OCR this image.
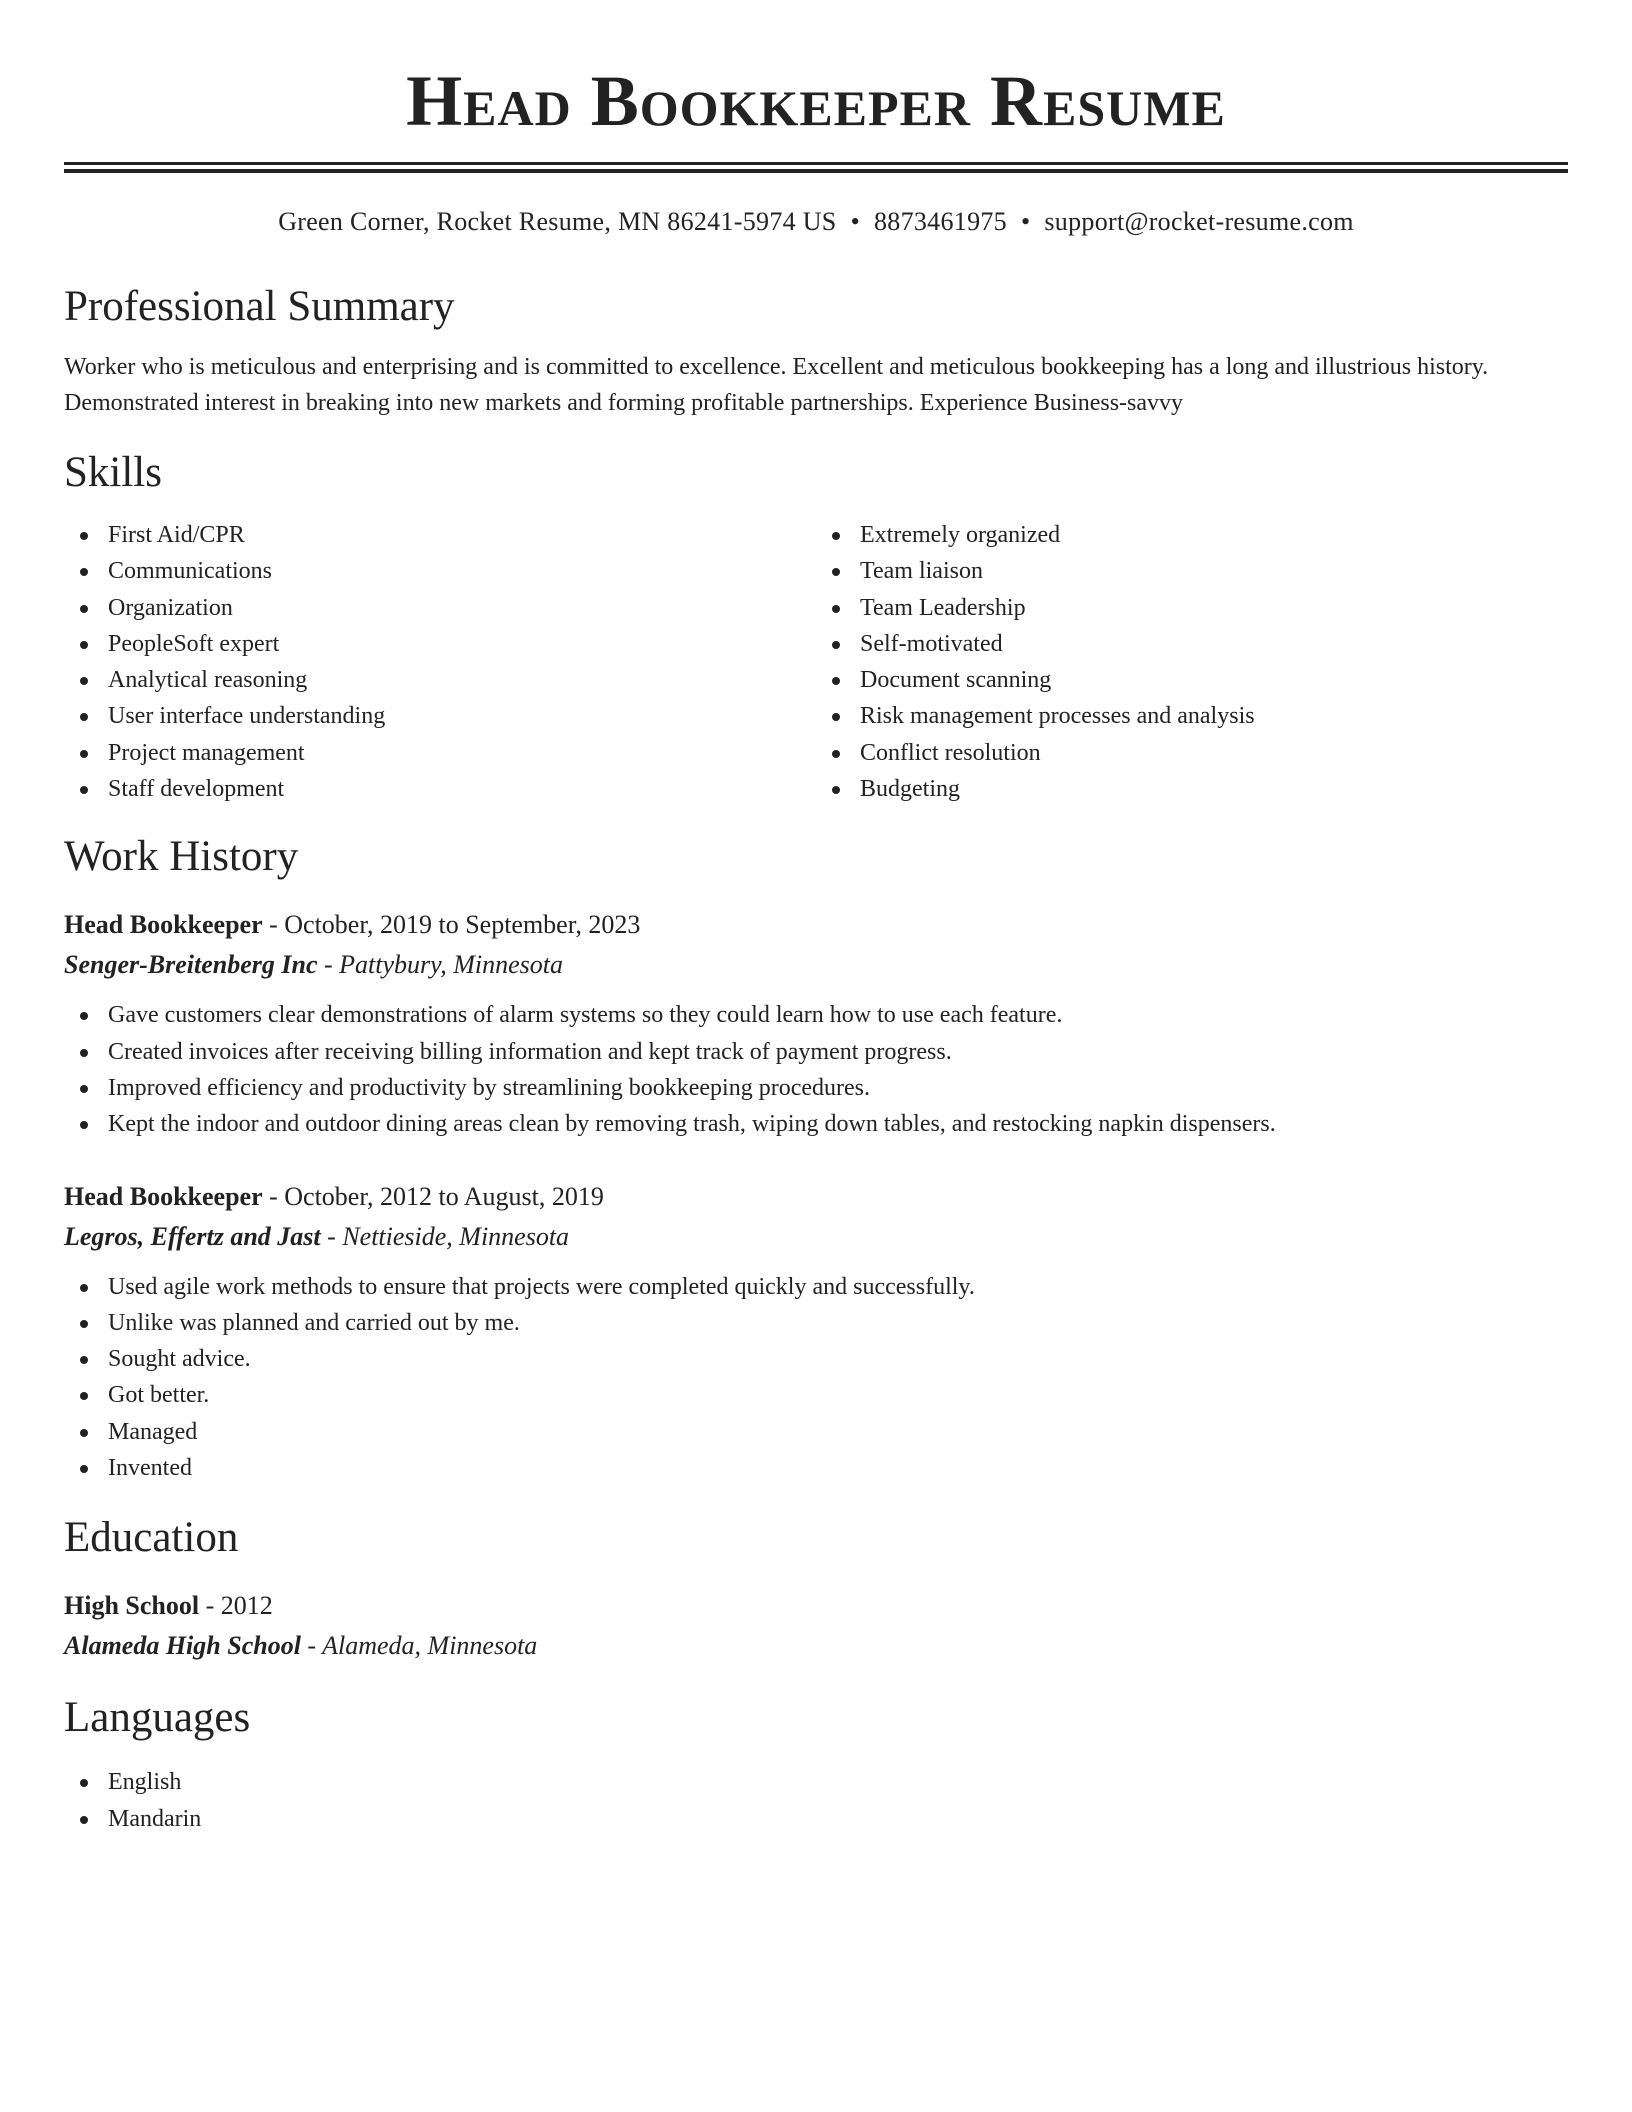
Head Bookkeeper Resume
Green Corner, Rocket Resume, MN 86241-5974 US • 8873461975 • support@rocket-resume.com
Professional Summary

Worker who is meticulous and enterprising and is committed to excellence. Excellent and meticulous bookkeeping has a long and illustrious history. Demonstrated interest in breaking into new markets and forming profitable partnerships. Experience Business-savvy

Skills
First Aid/CPR
Communications
Organization
PeopleSoft expert
Analytical reasoning
User interface understanding
Project management
Staff development
Extremely organized
Team liaison
Team Leadership
Self-motivated
Document scanning
Risk management processes and analysis
Conflict resolution
Budgeting
Work History
Head Bookkeeper - October, 2019 to September, 2023
Senger-Breitenberg Inc - Pattybury, Minnesota
Gave customers clear demonstrations of alarm systems so they could learn how to use each feature.
Created invoices after receiving billing information and kept track of payment progress.
Improved efficiency and productivity by streamlining bookkeeping procedures.
Kept the indoor and outdoor dining areas clean by removing trash, wiping down tables, and restocking napkin dispensers.
Head Bookkeeper - October, 2012 to August, 2019
Legros, Effertz and Jast - Nettieside, Minnesota
Used agile work methods to ensure that projects were completed quickly and successfully.
Unlike was planned and carried out by me.
Sought advice.
Got better.
Managed
Invented
Education
High School - 2012
Alameda High School - Alameda, Minnesota
Languages
English
Mandarin
